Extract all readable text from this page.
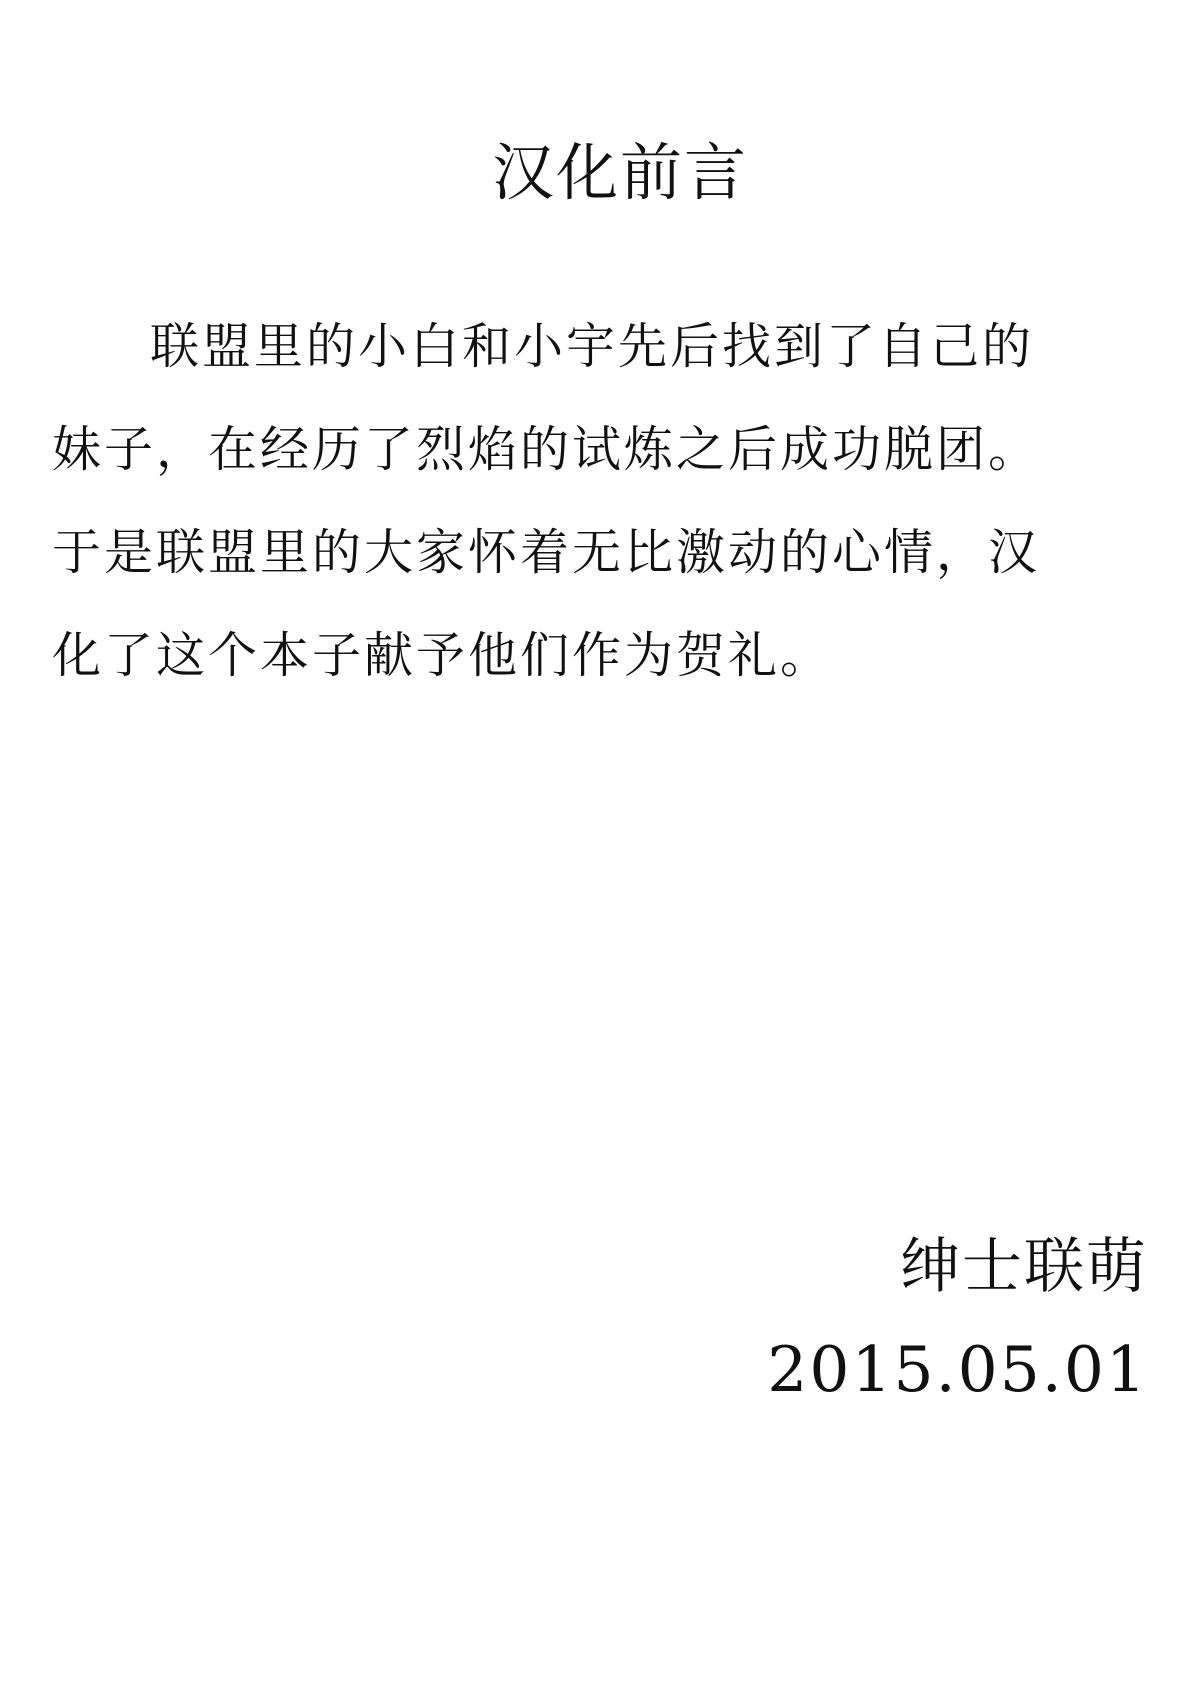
汉化前言
联盟里的小白和小宇先后找到了自己的
妹子，在经历了烈焰的试炼之后成功脱团。
于是联盟里的大家怀着无比激动的心情，汉
化了这个本子献予他们作为贺礼。
绅士联萌
2015.05.01
